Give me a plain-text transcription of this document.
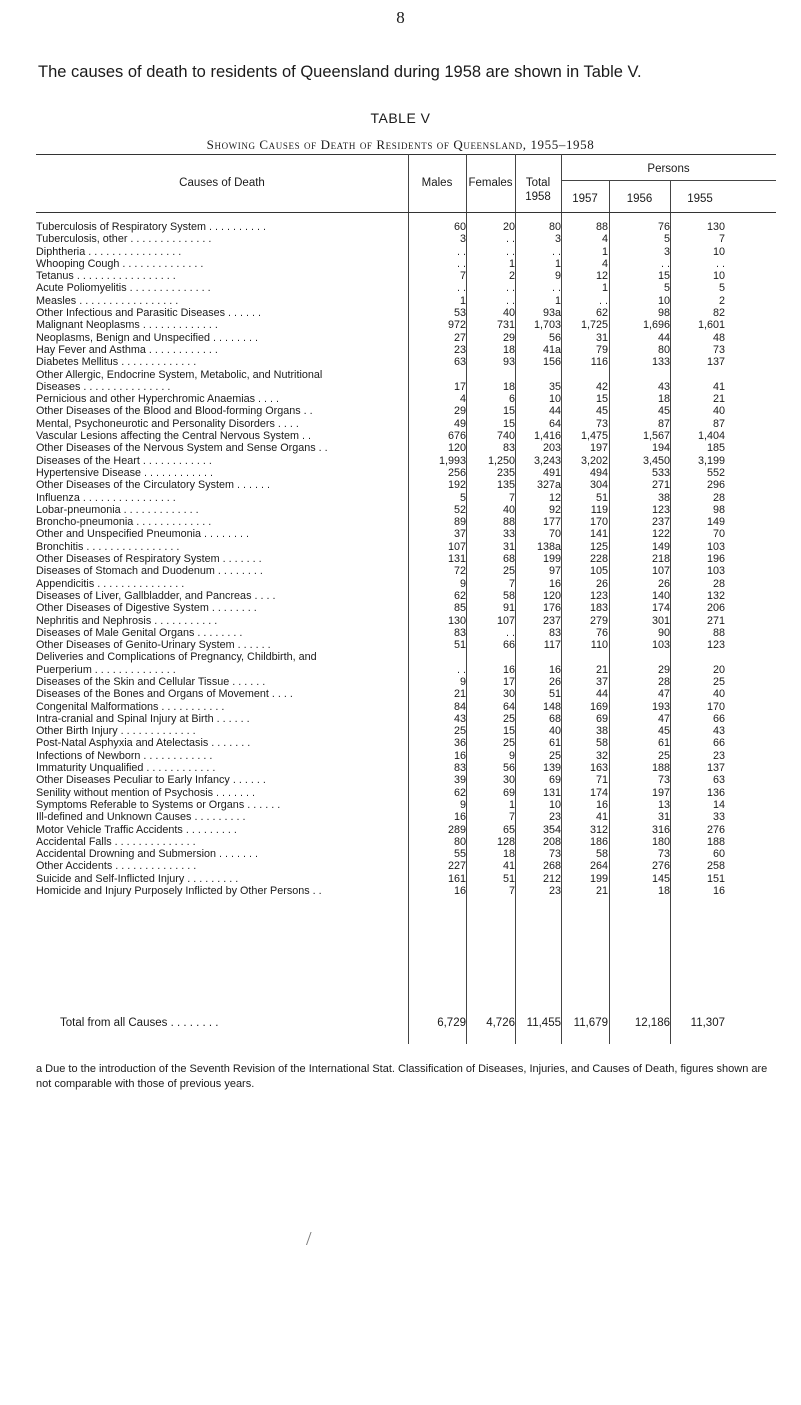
8
The causes of death to residents of Queensland during 1958 are shown in Table V.
TABLE V
Showing Causes of Death of Residents of Queensland, 1955–1958
Causes of Death	Males	Females	Total
1958
Persons
1957	1956	1955
Tuberculosis of Respiratory System . . . . . . . . . .	60	20	80	88	76	130
Tuberculosis, other . . . . . . . . . . . . . .	3	. .	3	4	5	7
Diphtheria . . . . . . . . . . . . . . . .	. .	. .	. .	1	3	10
Whooping Cough . . . . . . . . . . . . . .	. .	1	1	4	. .	. .
Tetanus . . . . . . . . . . . . . . . . .	7	2	9	12	15	10
Acute Poliomyelitis . . . . . . . . . . . . . .	. .	. .	. .	1	5	5
Measles . . . . . . . . . . . . . . . . .	1	. .	1	. .	10	2
Other Infectious and Parasitic Diseases . . . . . .	53	40	93a	62	98	82
Malignant Neoplasms . . . . . . . . . . . . .	972	731	1,703	1,725	1,696	1,601
Neoplasms, Benign and Unspecified . . . . . . . .	27	29	56	31	44	48
Hay Fever and Asthma . . . . . . . . . . . .	23	18	41a	79	80	73
Diabetes Mellitus . . . . . . . . . . . . .	63	93	156	116	133	137
Other Allergic, Endocrine System, Metabolic, and Nutritional
Diseases . . . . . . . . . . . . . . .	17	18	35	42	43	41
Pernicious and other Hyperchromic Anaemias . . . .	4	6	10	15	18	21
Other Diseases of the Blood and Blood-forming Organs . .	29	15	44	45	45	40
Mental, Psychoneurotic and Personality Disorders . . . .	49	15	64	73	87	87
Vascular Lesions affecting the Central Nervous System . .	676	740	1,416	1,475	1,567	1,404
Other Diseases of the Nervous System and Sense Organs . .	120	83	203	197	194	185
Diseases of the Heart . . . . . . . . . . . .	1,993	1,250	3,243	3,202	3,450	3,199
Hypertensive Disease . . . . . . . . . . . .	256	235	491	494	533	552
Other Diseases of the Circulatory System . . . . . .	192	135	327a	304	271	296
Influenza . . . . . . . . . . . . . . . .	5	7	12	51	38	28
Lobar-pneumonia . . . . . . . . . . . . .	52	40	92	119	123	98
Broncho-pneumonia . . . . . . . . . . . . .	89	88	177	170	237	149
Other and Unspecified Pneumonia . . . . . . . .	37	33	70	141	122	70
Bronchitis . . . . . . . . . . . . . . . .	107	31	138a	125	149	103
Other Diseases of Respiratory System . . . . . . .	131	68	199	228	218	196
Diseases of Stomach and Duodenum . . . . . . . .	72	25	97	105	107	103
Appendicitis . . . . . . . . . . . . . . .	9	7	16	26	26	28
Diseases of Liver, Gallbladder, and Pancreas . . . .	62	58	120	123	140	132
Other Diseases of Digestive System . . . . . . . .	85	91	176	183	174	206
Nephritis and Nephrosis . . . . . . . . . . .	130	107	237	279	301	271
Diseases of Male Genital Organs . . . . . . . .	83	. .	83	76	90	88
Other Diseases of Genito-Urinary System . . . . . .	51	66	117	110	103	123
Deliveries and Complications of Pregnancy, Childbirth, and
Puerperium . . . . . . . . . . . . . .	. .	16	16	21	29	20
Diseases of the Skin and Cellular Tissue . . . . . .	9	17	26	37	28	25
Diseases of the Bones and Organs of Movement . . . .	21	30	51	44	47	40
Congenital Malformations . . . . . . . . . . .	84	64	148	169	193	170
Intra-cranial and Spinal Injury at Birth . . . . . .	43	25	68	69	47	66
Other Birth Injury . . . . . . . . . . . . .	25	15	40	38	45	43
Post-Natal Asphyxia and Atelectasis . . . . . . .	36	25	61	58	61	66
Infections of Newborn . . . . . . . . . . . .	16	9	25	32	25	23
Immaturity Unqualified . . . . . . . . . . . .	83	56	139	163	188	137
Other Diseases Peculiar to Early Infancy . . . . . .	39	30	69	71	73	63
Senility without mention of Psychosis . . . . . . .	62	69	131	174	197	136
Symptoms Referable to Systems or Organs . . . . . .	9	1	10	16	13	14
Ill-defined and Unknown Causes . . . . . . . . .	16	7	23	41	31	33
Motor Vehicle Traffic Accidents . . . . . . . . .	289	65	354	312	316	276
Accidental Falls . . . . . . . . . . . . . .	80	128	208	186	180	188
Accidental Drowning and Submersion . . . . . . .	55	18	73	58	73	60
Other Accidents . . . . . . . . . . . . . .	227	41	268	264	276	258
Suicide and Self-Inflicted Injury . . . . . . . . .	161	51	212	199	145	151
Homicide and Injury Purposely Inflicted by Other Persons . .	16	7	23	21	18	16
Total from all Causes . . . . . . . .	6,729	4,726	11,455	11,679	12,186	11,307
a Due to the introduction of the Seventh Revision of the International Stat. Classification of Diseases, Injuries, and Causes of Death, figures shown are not comparable with those of previous years.
/
